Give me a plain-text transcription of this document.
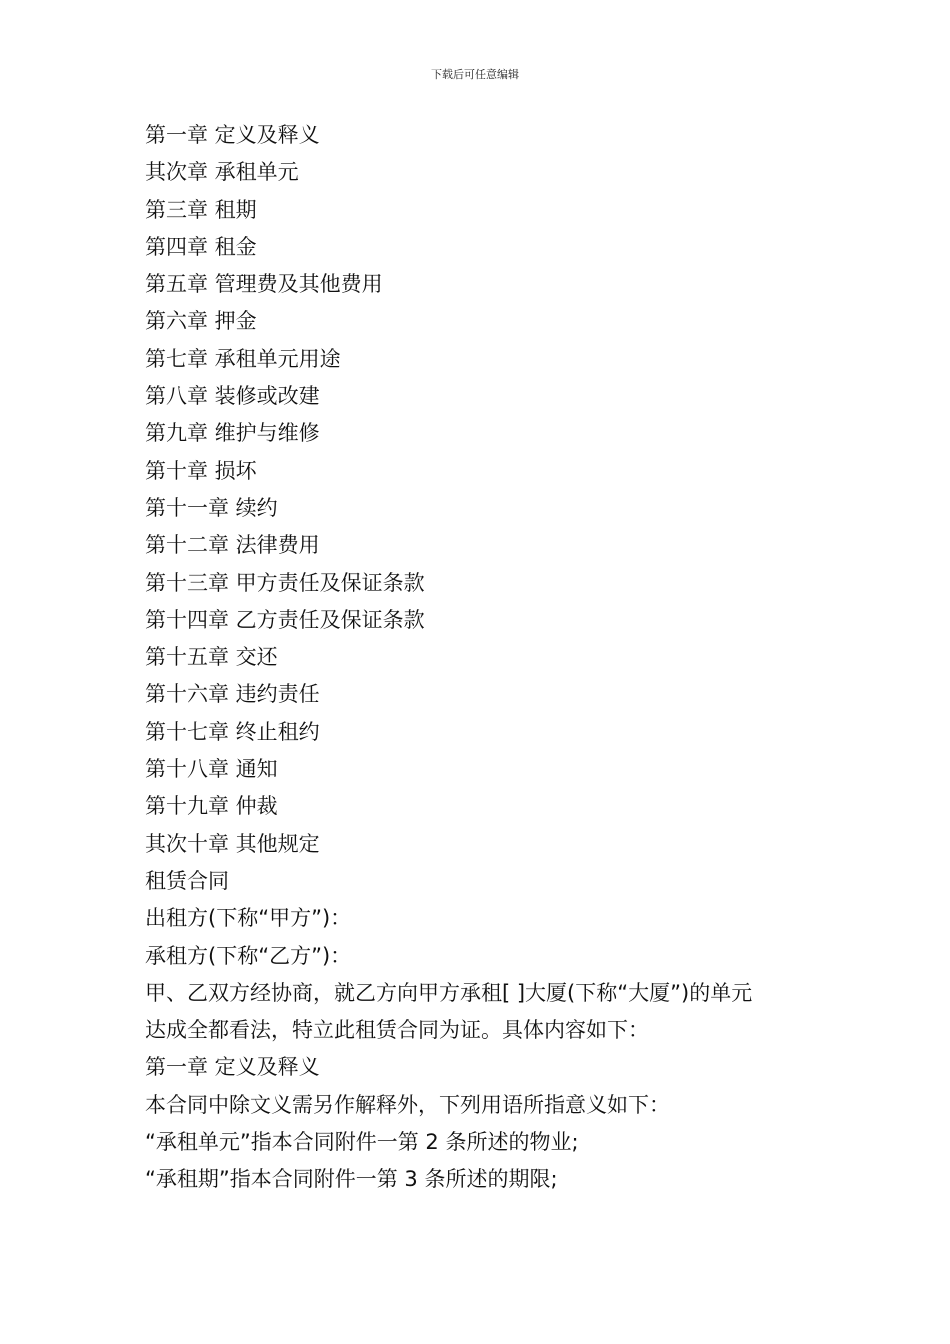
下载后可任意编辑
第一章 定义及释义
其次章 承租单元
第三章 租期
第四章 租金
第五章 管理费及其他费用
第六章 押金
第七章 承租单元用途
第八章 装修或改建
第九章 维护与维修
第十章 损坏
第十一章 续约
第十二章 法律费用
第十三章 甲方责任及保证条款
第十四章 乙方责任及保证条款
第十五章 交还
第十六章 违约责任
第十七章 终止租约
第十八章 通知
第十九章 仲裁
其次十章 其他规定
租赁合同
出租方(下称“甲方”)：
承租方(下称“乙方”)：
甲、乙双方经协商，就乙方向甲方承租[ ]大厦(下称“大厦”)的单元
达成全都看法，特立此租赁合同为证。具体内容如下：
第一章 定义及释义
本合同中除文义需另作解释外，下列用语所指意义如下：
“承租单元”指本合同附件一第 2 条所述的物业;
“承租期”指本合同附件一第 3 条所述的期限;
